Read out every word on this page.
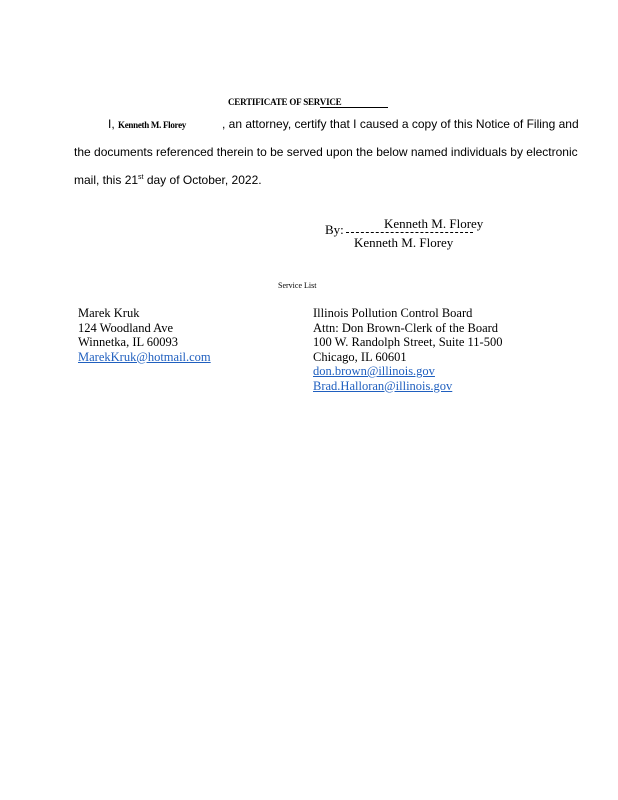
CERTIFICATE OF SERVICE
I, Kenneth M. Florey	, an attorney, certify that I caused a copy of this Notice of Filing and
the documents referenced therein to be served upon the below named individuals by electronic
mail, this 21st day of October, 2022.
Kenneth M. Florey
By:
Kenneth M. Florey
Service List
Marek Kruk
124 Woodland Ave
Winnetka, IL 60093
MarekKruk@hotmail.com
Illinois Pollution Control Board
Attn: Don Brown-Clerk of the Board
100 W. Randolph Street, Suite 11-500
Chicago, IL 60601
don.brown@illinois.gov
Brad.Halloran@illinois.gov
